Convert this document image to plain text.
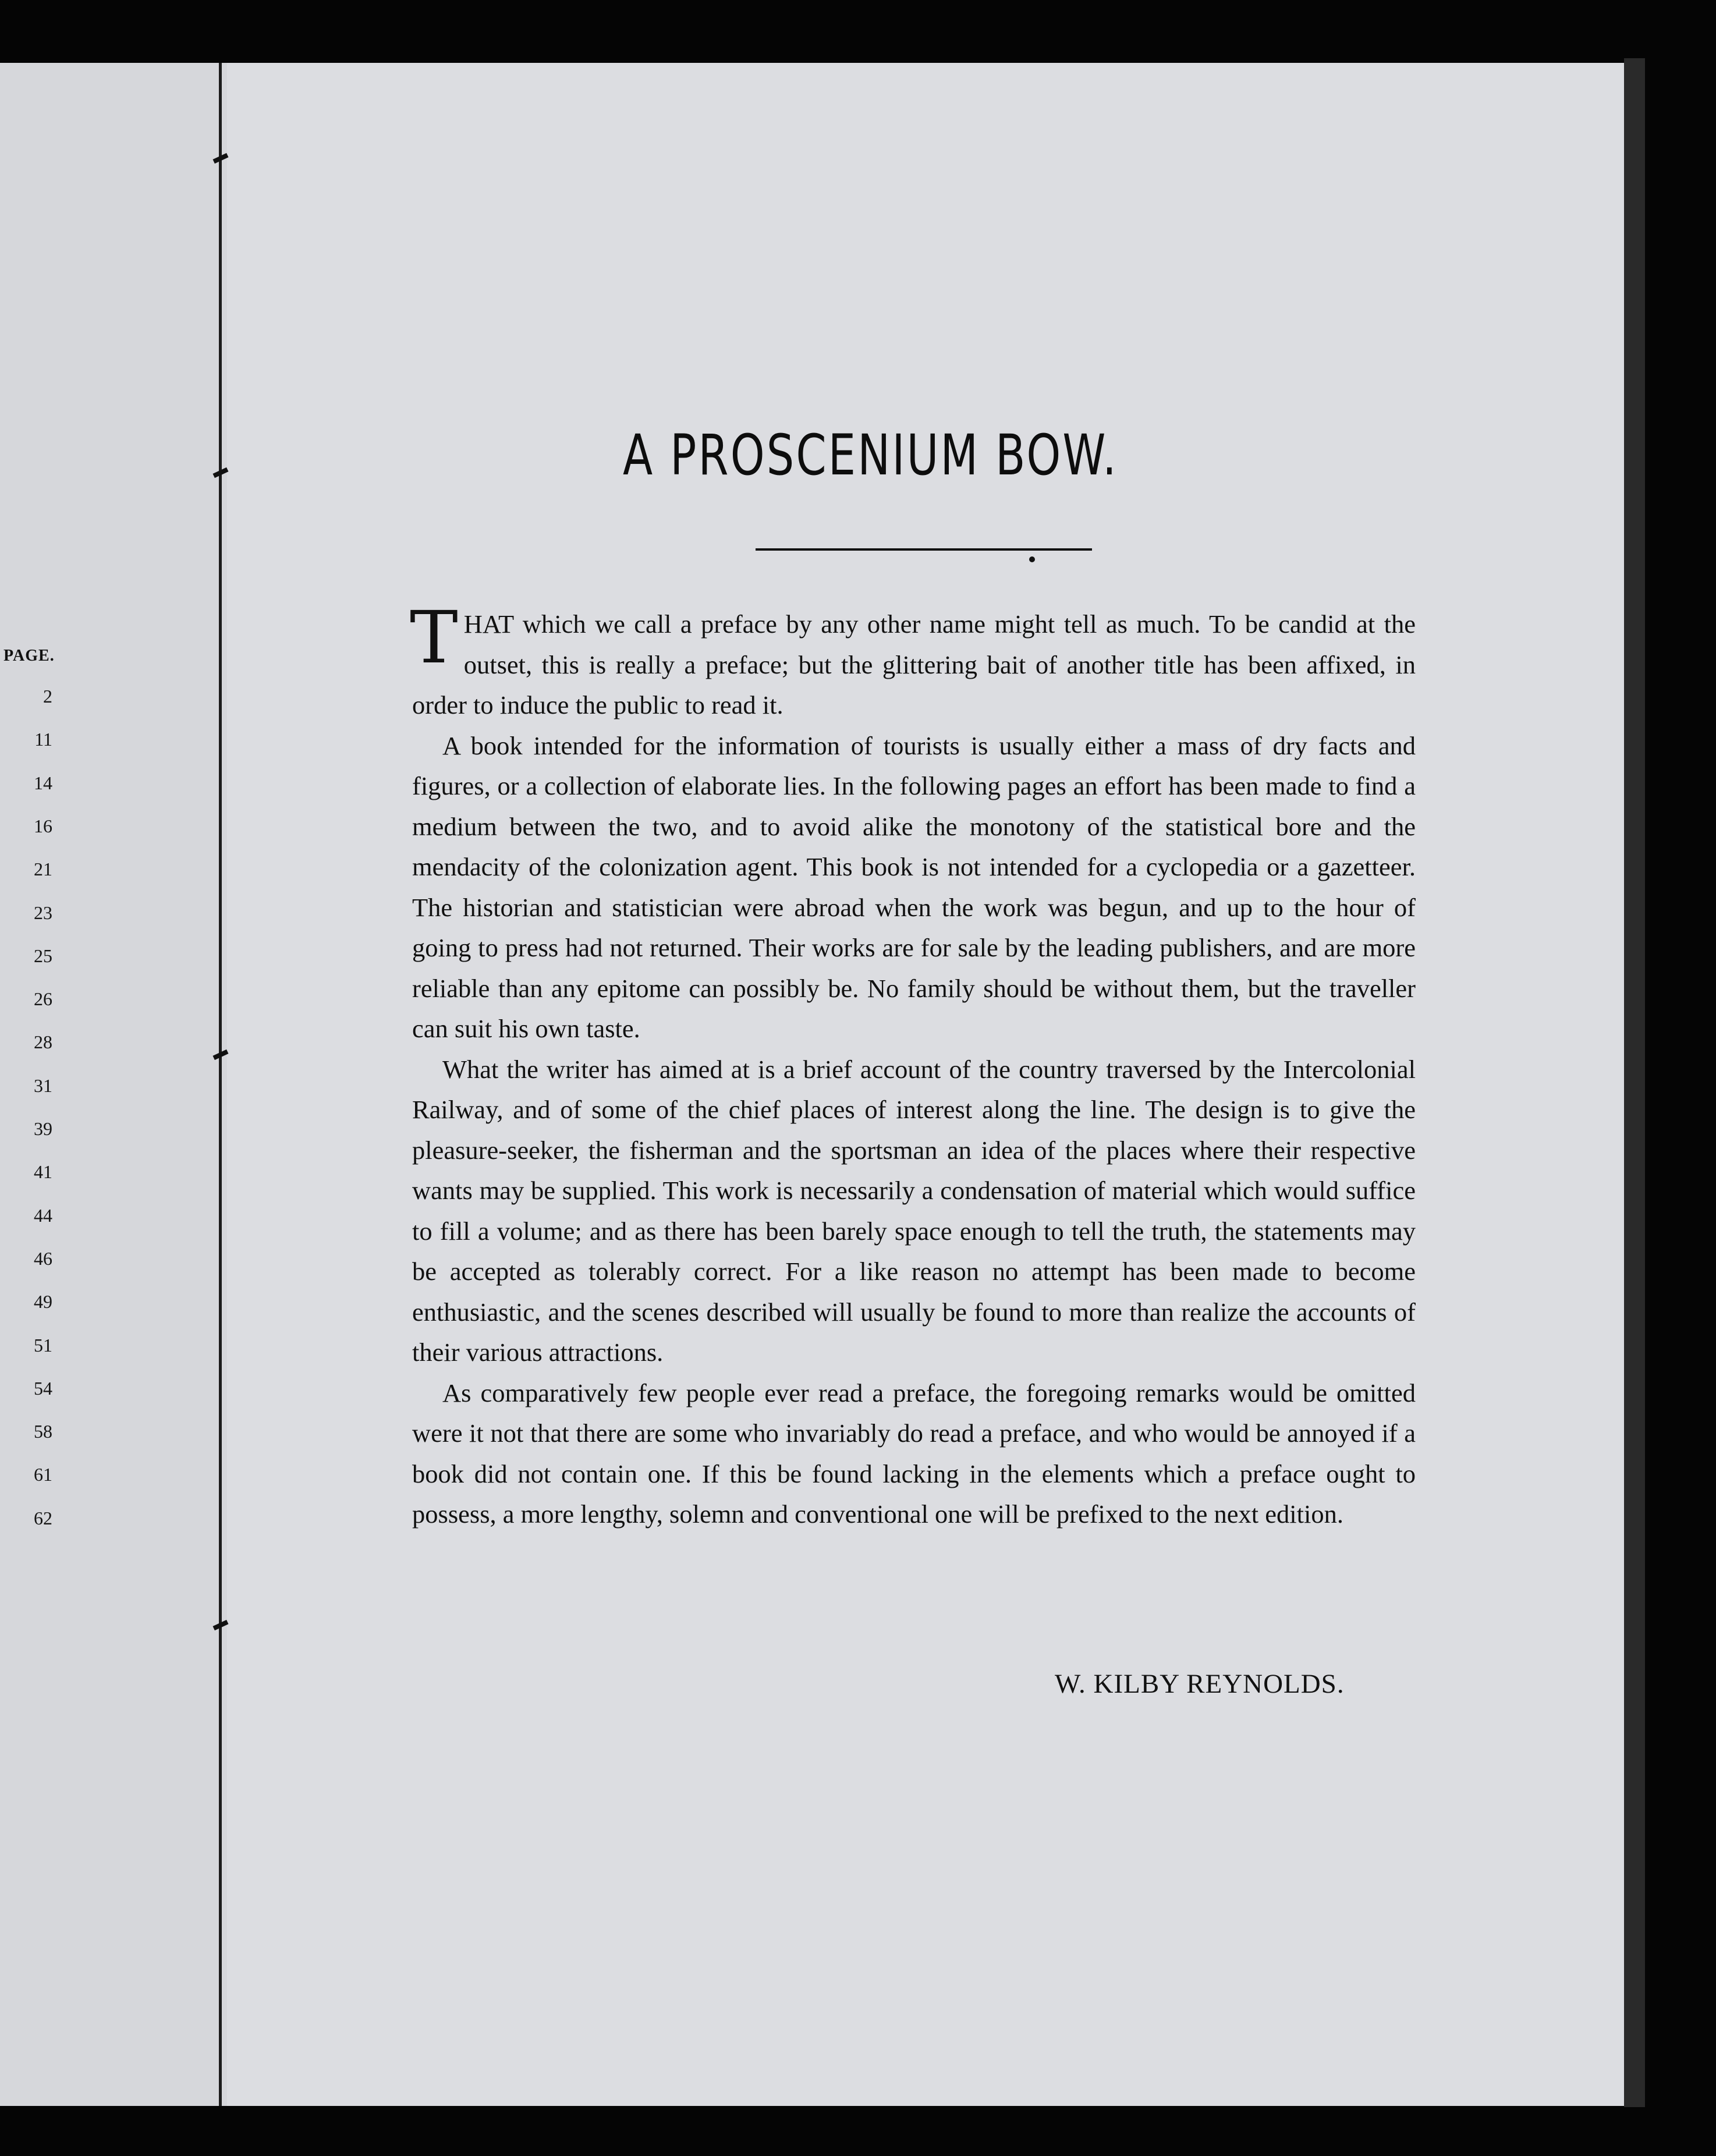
PAGE.
2
11
14
16
21
23
25
26
28
31
39
41
44
46
49
51
54
58
61
62
A PROSCENIUM BOW.

THAT which we call a preface by any other name might tell as much. To be candid at the outset, this is really a preface; but the glittering bait of another title has been affixed, in order to induce the public to read it.

A book intended for the information of tourists is usually either a mass of dry facts and figures, or a collection of elaborate lies. In the following pages an effort has been made to find a medium between the two, and to avoid alike the monotony of the statistical bore and the mendacity of the colonization agent. This book is not intended for a cyclopedia or a gazetteer. The historian and statistician were abroad when the work was begun, and up to the hour of going to press had not returned. Their works are for sale by the leading publishers, and are more reliable than any epitome can possibly be. No family should be without them, but the traveller can suit his own taste.

What the writer has aimed at is a brief account of the country traversed by the Intercolonial Railway, and of some of the chief places of interest along the line. The design is to give the pleasure-seeker, the fisherman and the sportsman an idea of the places where their respective wants may be supplied. This work is necessarily a condensation of material which would suffice to fill a volume; and as there has been barely space enough to tell the truth, the statements may be accepted as tolerably correct. For a like reason no attempt has been made to become enthusiastic, and the scenes described will usually be found to more than realize the accounts of their various attractions.

As comparatively few people ever read a preface, the foregoing remarks would be omitted were it not that there are some who invariably do read a preface, and who would be annoyed if a book did not contain one. If this be found lacking in the elements which a preface ought to possess, a more lengthy, solemn and conventional one will be prefixed to the next edition.

W. KILBY REYNOLDS.
